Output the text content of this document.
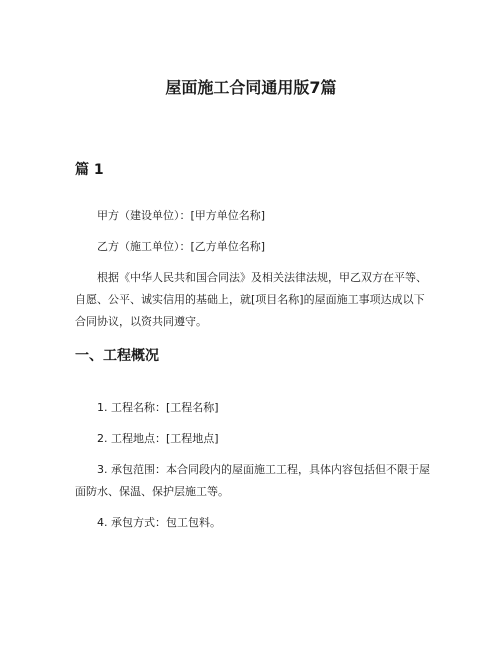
屋面施工合同通用版7篇
篇 1

甲方（建设单位）：[甲方单位名称]

乙方（施工单位）：[乙方单位名称]

根据《中华人民共和国合同法》及相关法律法规，甲乙双方在平等、自愿、公平、诚实信用的基础上，就[项目名称]的屋面施工事项达成以下合同协议，以资共同遵守。

一、工程概况

1. 工程名称：[工程名称]

2. 工程地点：[工程地点]

3. 承包范围：本合同段内的屋面施工工程，具体内容包括但不限于屋面防水、保温、保护层施工等。

4. 承包方式：包工包料。
